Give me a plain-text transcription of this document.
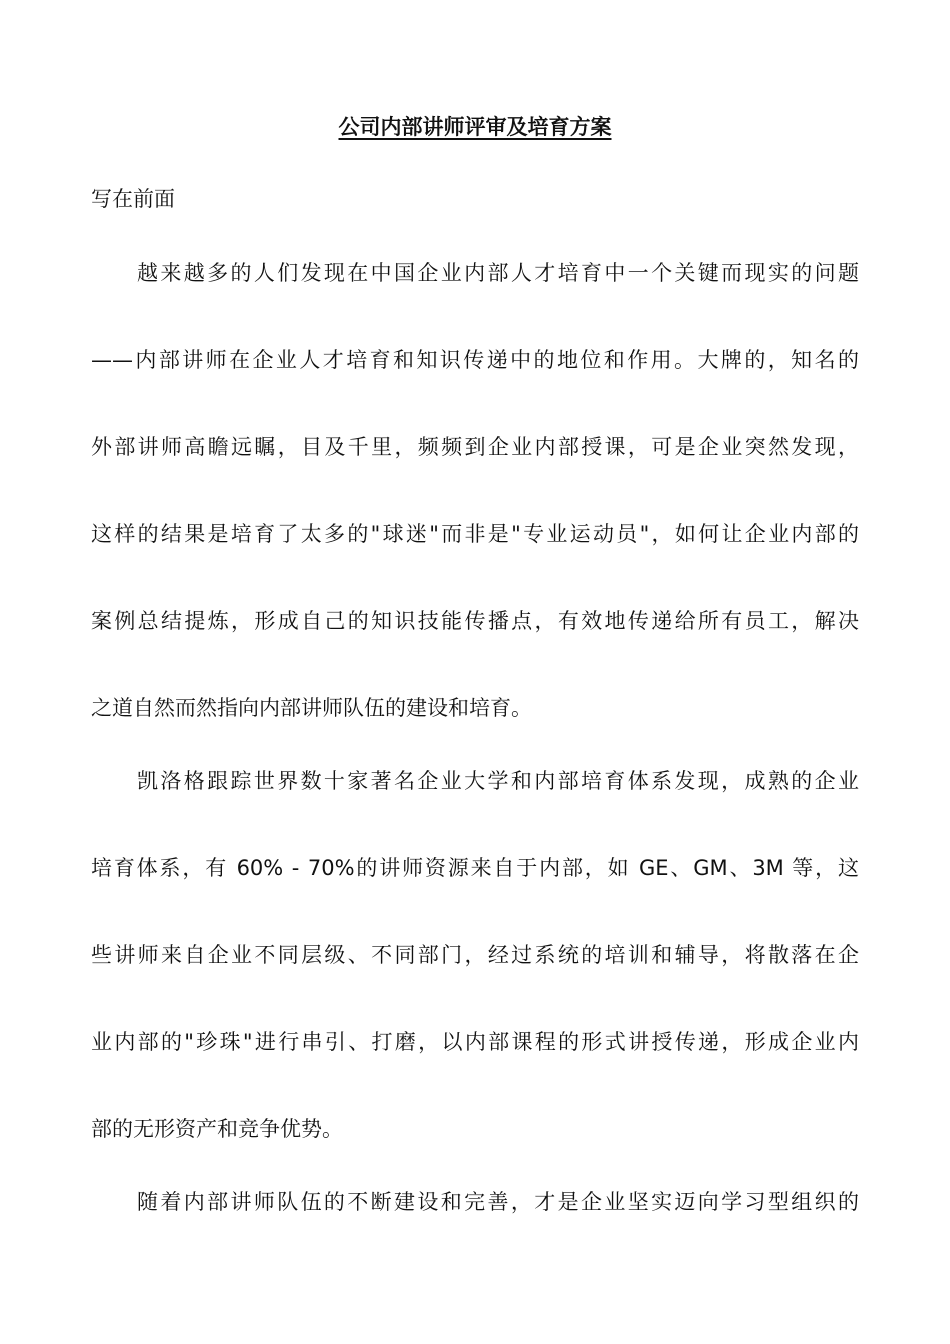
公司内部讲师评审及培育方案

写在前面

越来越多的人们发现在中国企业内部人才培育中一个关键而现实的问题

——内部讲师在企业人才培育和知识传递中的地位和作用。大牌的，知名的

外部讲师高瞻远瞩，目及千里，频频到企业内部授课，可是企业突然发现，

这样的结果是培育了太多的"球迷"而非是"专业运动员"，如何让企业内部的

案例总结提炼，形成自己的知识技能传播点，有效地传递给所有员工，解决

之道自然而然指向内部讲师队伍的建设和培育。

凯洛格跟踪世界数十家著名企业大学和内部培育体系发现，成熟的企业

培育体系，有 60% - 70%的讲师资源来自于内部，如 GE、GM、3M 等，这

些讲师来自企业不同层级、不同部门，经过系统的培训和辅导，将散落在企

业内部的"珍珠"进行串引、打磨，以内部课程的形式讲授传递，形成企业内

部的无形资产和竞争优势。

随着内部讲师队伍的不断建设和完善，才是企业坚实迈向学习型组织的
